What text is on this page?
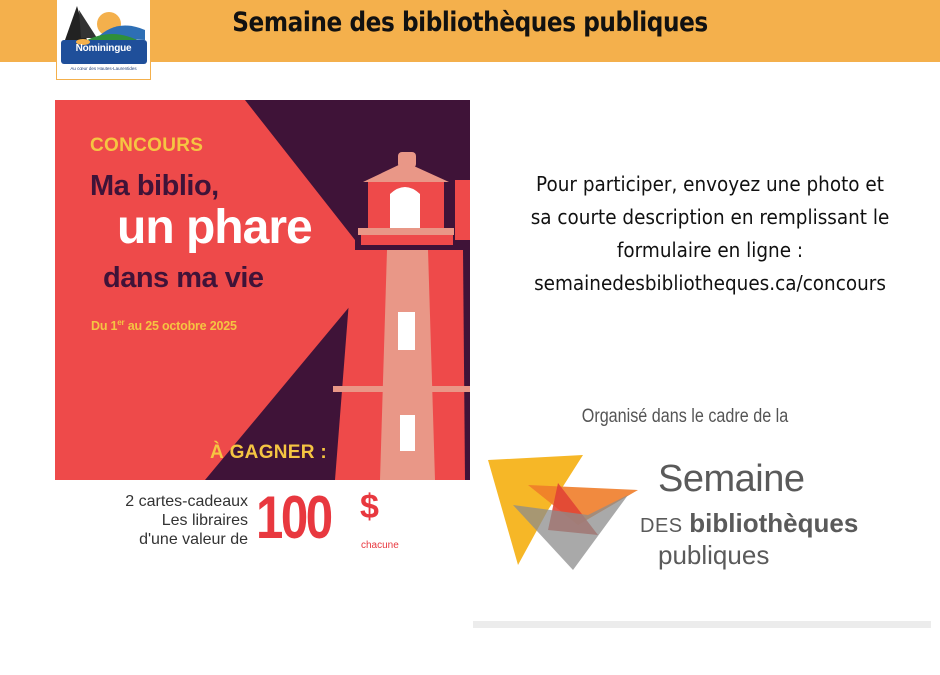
Semaine des bibliothèques publiques
Nominingue
Au cœur des Hautes-Laurentides
CONCOURS
Ma biblio,
un phare
dans ma vie
Du 1er au 25 octobre 2025
À GAGNER :
2 cartes-cadeaux
Les libraires
d'une valeur de 100 $
chacune
Pour participer, envoyez une photo et
sa courte description en remplissant le
formulaire en ligne :
semainedesbibliotheques.ca/concours
Organisé dans le cadre de la
Semaine
DES bibliothèques
publiques
